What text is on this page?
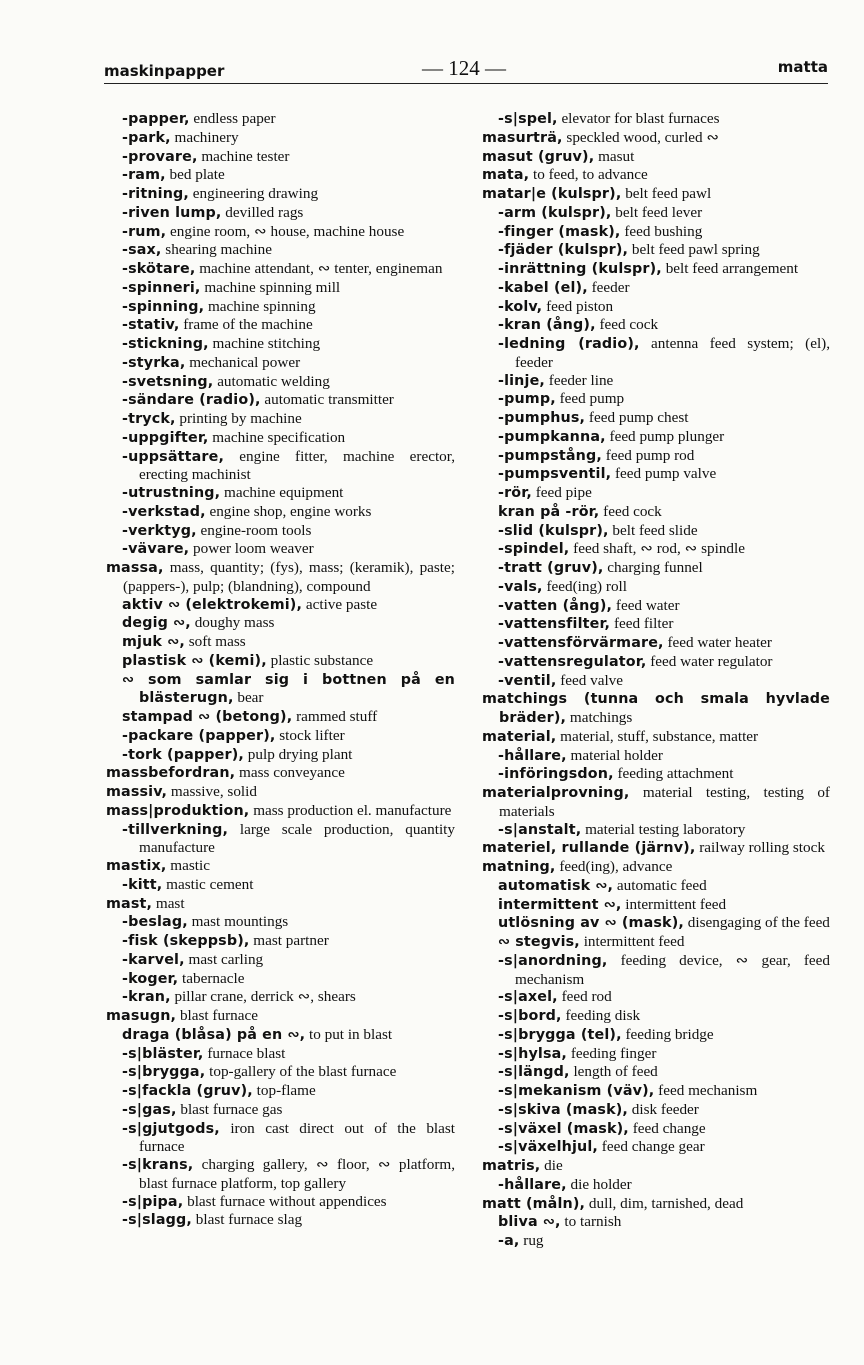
maskinpapper	— 124 —	matta
-papper, endless paper
-park, machinery
-provare, machine tester
-ram, bed plate
-ritning, engineering drawing
-riven lump, devilled rags
-rum, engine room, ∾ house, machine house
-sax, shearing machine
-skötare, machine attendant, ∾ tenter, engineman
-spinneri, machine spinning mill
-spinning, machine spinning
-stativ, frame of the machine
-stickning, machine stitching
-styrka, mechanical power
-svetsning, automatic welding
-sändare (radio), automatic transmitter
-tryck, printing by machine
-uppgifter, machine specification
-uppsättare, engine fitter, machine erector, erecting machinist
-utrustning, machine equipment
-verkstad, engine shop, engine works
-verktyg, engine-room tools
-vävare, power loom weaver
massa, mass, quantity; (fys), mass; (keramik), paste; (pappers-), pulp; (blandning), compound
aktiv ∾ (elektrokemi), active paste
degig ∾, doughy mass
mjuk ∾, soft mass
plastisk ∾ (kemi), plastic substance
∾ som samlar sig i bottnen på en blästerugn, bear
stampad ∾ (betong), rammed stuff
-packare (papper), stock lifter
-tork (papper), pulp drying plant
massbefordran, mass conveyance
massiv, massive, solid
mass|produktion, mass production el. manufacture
-tillverkning, large scale production, quantity manufacture
mastix, mastic
-kitt, mastic cement
mast, mast
-beslag, mast mountings
-fisk (skeppsb), mast partner
-karvel, mast carling
-koger, tabernacle
-kran, pillar crane, derrick ∾, shears
masugn, blast furnace
draga (blåsa) på en ∾, to put in blast
-s|bläster, furnace blast
-s|brygga, top-gallery of the blast furnace
-s|fackla (gruv), top-flame
-s|gas, blast furnace gas
-s|gjutgods, iron cast direct out of the blast furnace
-s|krans, charging gallery, ∾ floor, ∾ platform, blast furnace platform, top gallery
-s|pipa, blast furnace without appendices
-s|slagg, blast furnace slag
-s|spel, elevator for blast furnaces
masurträ, speckled wood, curled ∾
masut (gruv), masut
mata, to feed, to advance
matar|e (kulspr), belt feed pawl
-arm (kulspr), belt feed lever
-finger (mask), feed bushing
-fjäder (kulspr), belt feed pawl spring
-inrättning (kulspr), belt feed arrangement
-kabel (el), feeder
-kolv, feed piston
-kran (ång), feed cock
-ledning (radio), antenna feed system; (el), feeder
-linje, feeder line
-pump, feed pump
-pumphus, feed pump chest
-pumpkanna, feed pump plunger
-pumpstång, feed pump rod
-pumpsventil, feed pump valve
-rör, feed pipe
kran på -rör, feed cock
-slid (kulspr), belt feed slide
-spindel, feed shaft, ∾ rod, ∾ spindle
-tratt (gruv), charging funnel
-vals, feed(ing) roll
-vatten (ång), feed water
-vattensfilter, feed filter
-vattensförvärmare, feed water heater
-vattensregulator, feed water regulator
-ventil, feed valve
matchings (tunna och smala hyvlade bräder), matchings
material, material, stuff, substance, matter
-hållare, material holder
-införingsdon, feeding attachment
materialprovning, material testing, testing of materials
-s|anstalt, material testing laboratory
materiel, rullande (järnv), railway rolling stock
matning, feed(ing), advance
automatisk ∾, automatic feed
intermittent ∾, intermittent feed
utlösning av ∾ (mask), disengaging of the feed
∾ stegvis, intermittent feed
-s|anordning, feeding device, ∾ gear, feed mechanism
-s|axel, feed rod
-s|bord, feeding disk
-s|brygga (tel), feeding bridge
-s|hylsa, feeding finger
-s|längd, length of feed
-s|mekanism (väv), feed mechanism
-s|skiva (mask), disk feeder
-s|växel (mask), feed change
-s|växelhjul, feed change gear
matris, die
-hållare, die holder
matt (måln), dull, dim, tarnished, dead
bliva ∾, to tarnish
-a, rug
